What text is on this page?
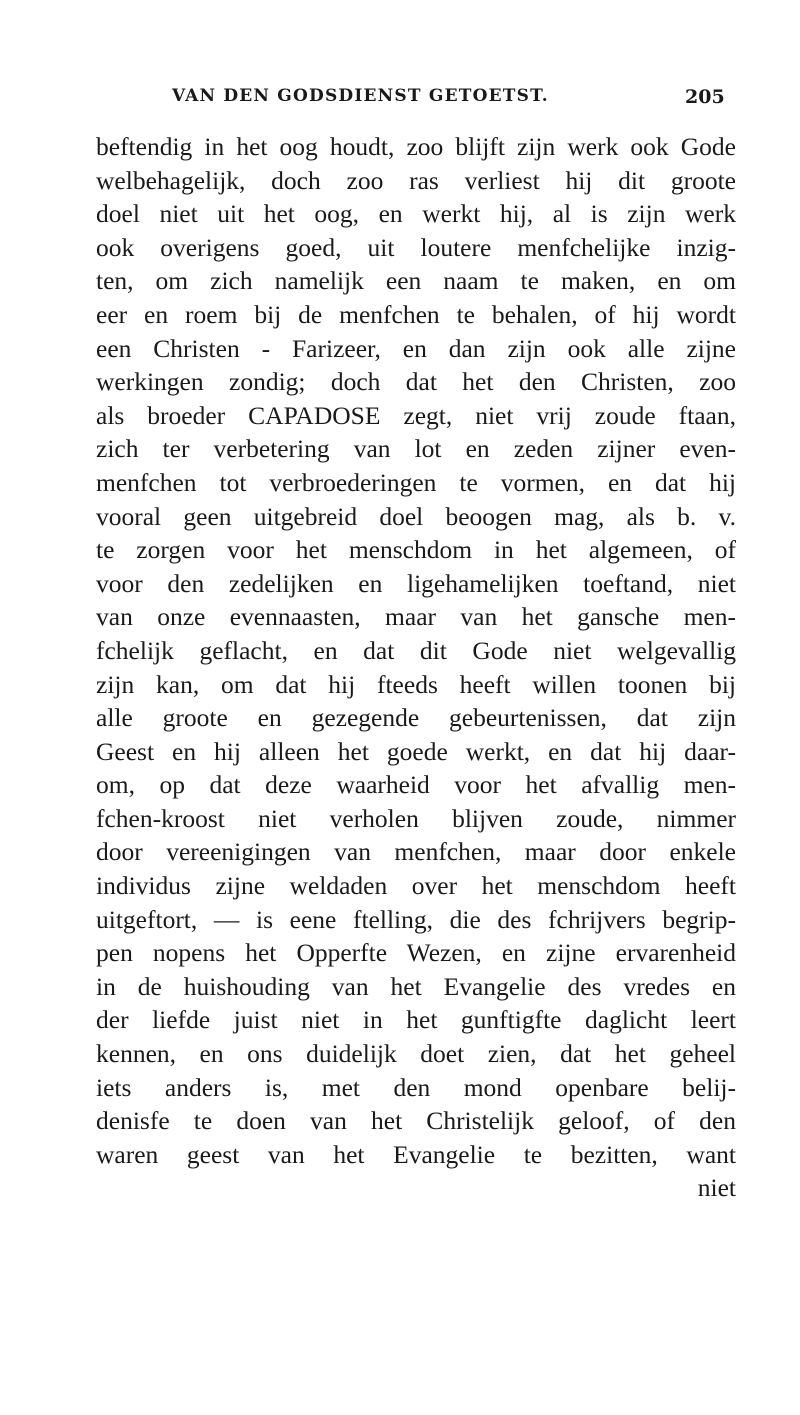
VAN DEN GODSDIENST GETOETST.	205
beftendig in het oog houdt, zoo blijft zijn werk ook Gode
welbehagelijk, doch zoo ras verliest hij dit groote
doel niet uit het oog, en werkt hij, al is zijn werk
ook overigens goed, uit loutere menfchelijke inzig-
ten, om zich namelijk een naam te maken, en om
eer en roem bij de menfchen te behalen, of hij wordt
een Christen - Farizeer, en dan zijn ook alle zijne
werkingen zondig; doch dat het den Christen, zoo
als broeder CAPADOSE zegt, niet vrij zoude ftaan,
zich ter verbetering van lot en zeden zijner even-
menfchen tot verbroederingen te vormen, en dat hij
vooral geen uitgebreid doel beoogen mag, als b. v.
te zorgen voor het menschdom in het algemeen, of
voor den zedelijken en ligehamelijken toeftand, niet
van onze evennaasten, maar van het gansche men-
fchelijk geflacht, en dat dit Gode niet welgevallig
zijn kan, om dat hij fteeds heeft willen toonen bij
alle groote en gezegende gebeurtenissen, dat zijn
Geest en hij alleen het goede werkt, en dat hij daar-
om, op dat deze waarheid voor het afvallig men-
fchen-kroost niet verholen blijven zoude, nimmer
door vereenigingen van menfchen, maar door enkele
individus zijne weldaden over het menschdom heeft
uitgeftort, — is eene ftelling, die des fchrijvers begrip-
pen nopens het Opperfte Wezen, en zijne ervarenheid
in de huishouding van het Evangelie des vredes en
der liefde juist niet in het gunftigfte daglicht leert
kennen, en ons duidelijk doet zien, dat het geheel
iets anders is, met den mond openbare belij-
denisfe te doen van het Christelijk geloof, of den
waren geest van het Evangelie te bezitten, want
niet
